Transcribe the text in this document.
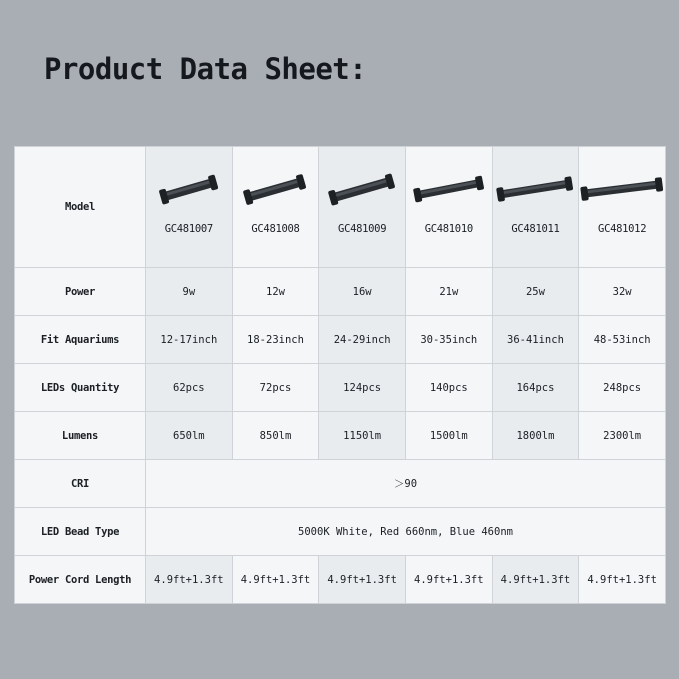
Product Data Sheet:
Model	GC481007	GC481008	GC481009	GC481010	GC481011	GC481012

Power	9w	12w	16w	21w	25w	32w
Fit Aquariums	12-17inch	18-23inch	24-29inch	30-35inch	36-41inch	48-53inch
LEDs Quantity	62pcs	72pcs	124pcs	140pcs	164pcs	248pcs
Lumens	650lm	850lm	1150lm	1500lm	1800lm	2300lm
CRI	＞90					
LED Bead Type	5000K White, Red 660nm, Blue 460nm					
Power Cord Length	4.9ft+1.3ft	4.9ft+1.3ft	4.9ft+1.3ft	4.9ft+1.3ft	4.9ft+1.3ft	4.9ft+1.3ft
